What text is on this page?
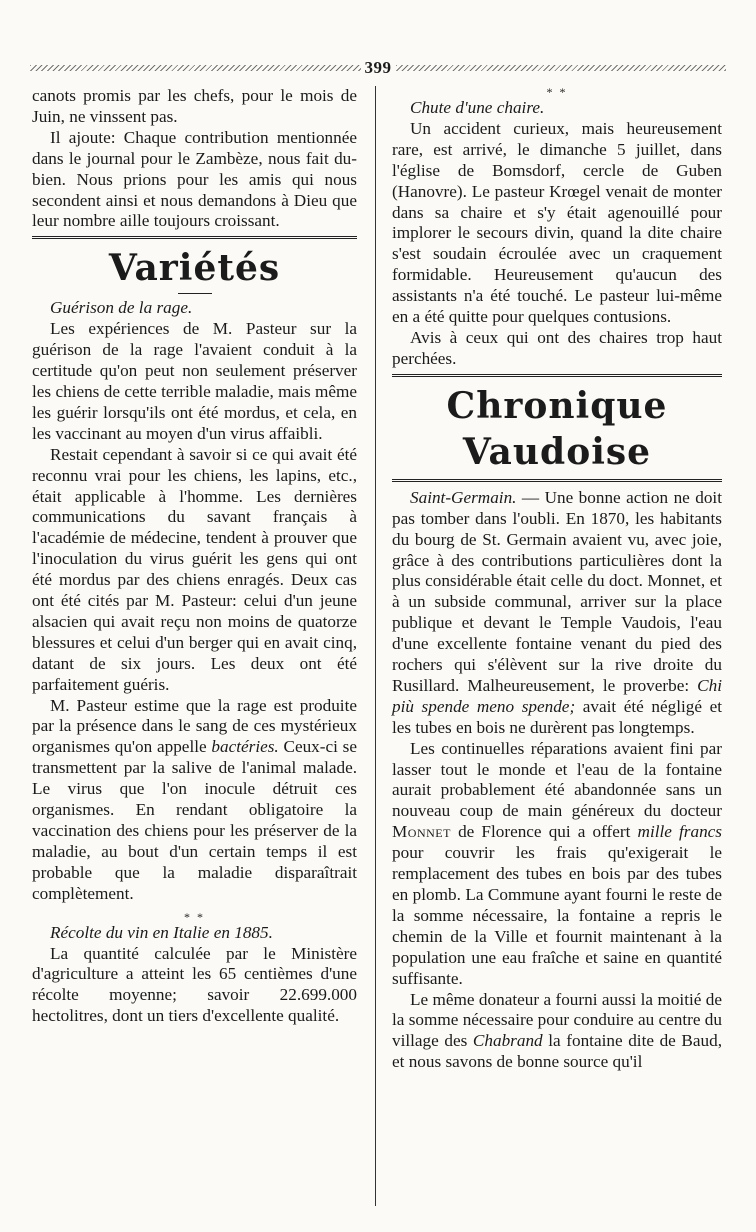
399

canots promis par les chefs, pour le mois de Juin, ne vinssent pas.

Il ajoute: Chaque contribution mentionnée dans le journal pour le Zambèze, nous fait du-bien. Nous prions pour les amis qui nous secondent ainsi et nous demandons à Dieu que leur nombre aille toujours croissant.

Variétés

Guérison de la rage.

Les expériences de M. Pasteur sur la guérison de la rage l'avaient conduit à la certitude qu'on peut non seulement préserver les chiens de cette terrible maladie, mais même les guérir lorsqu'ils ont été mordus, et cela, en les vaccinant au moyen d'un virus affaibli.

Restait cependant à savoir si ce qui avait été reconnu vrai pour les chiens, les lapins, etc., était applicable à l'homme. Les dernières communications du savant français à l'académie de médecine, tendent à prouver que l'inoculation du virus guérit les gens qui ont été mordus par des chiens enragés. Deux cas ont été cités par M. Pasteur: celui d'un jeune alsacien qui avait reçu non moins de quatorze blessures et celui d'un berger qui en avait cinq, datant de six jours. Les deux ont été parfaitement guéris.

M. Pasteur estime que la rage est produite par la présence dans le sang de ces mystérieux organismes qu'on appelle bactéries. Ceux-ci se transmettent par la salive de l'animal malade. Le virus que l'on inocule détruit ces organismes. En rendant obligatoire la vaccination des chiens pour les préserver de la maladie, au bout d'un certain temps il est probable que la maladie disparaîtrait complètement.

* *

Récolte du vin en Italie en 1885.

La quantité calculée par le Ministère d'agriculture a atteint les 65 centièmes d'une récolte moyenne; savoir 22.699.000 hectolitres, dont un tiers d'excellente qualité.

* *

Chute d'une chaire.

Un accident curieux, mais heureusement rare, est arrivé, le dimanche 5 juillet, dans l'église de Bomsdorf, cercle de Guben (Hanovre). Le pasteur Krœgel venait de monter dans sa chaire et s'y était agenouillé pour implorer le secours divin, quand la dite chaire s'est soudain écroulée avec un craquement formidable. Heureusement qu'aucun des assistants n'a été touché. Le pasteur lui-même en a été quitte pour quelques contusions.

Avis à ceux qui ont des chaires trop haut perchées.

Chronique Vaudoise

Saint-Germain. — Une bonne action ne doit pas tomber dans l'oubli. En 1870, les habitants du bourg de St. Germain avaient vu, avec joie, grâce à des contributions particulières dont la plus considérable était celle du doct. Monnet, et à un subside communal, arriver sur la place publique et devant le Temple Vaudois, l'eau d'une excellente fontaine venant du pied des rochers qui s'élèvent sur la rive droite du Rusillard. Malheureusement, le proverbe: Chi più spende meno spende; avait été négligé et les tubes en bois ne durèrent pas longtemps.

Les continuelles réparations avaient fini par lasser tout le monde et l'eau de la fontaine aurait probablement été abandonnée sans un nouveau coup de main généreux du docteur Monnet de Florence qui a offert mille francs pour couvrir les frais qu'exigerait le remplacement des tubes en bois par des tubes en plomb. La Commune ayant fourni le reste de la somme nécessaire, la fontaine a repris le chemin de la Ville et fournit maintenant à la population une eau fraîche et saine en quantité suffisante.

Le même donateur a fourni aussi la moitié de la somme nécessaire pour conduire au centre du village des Chabrand la fontaine dite de Baud, et nous savons de bonne source qu'il
